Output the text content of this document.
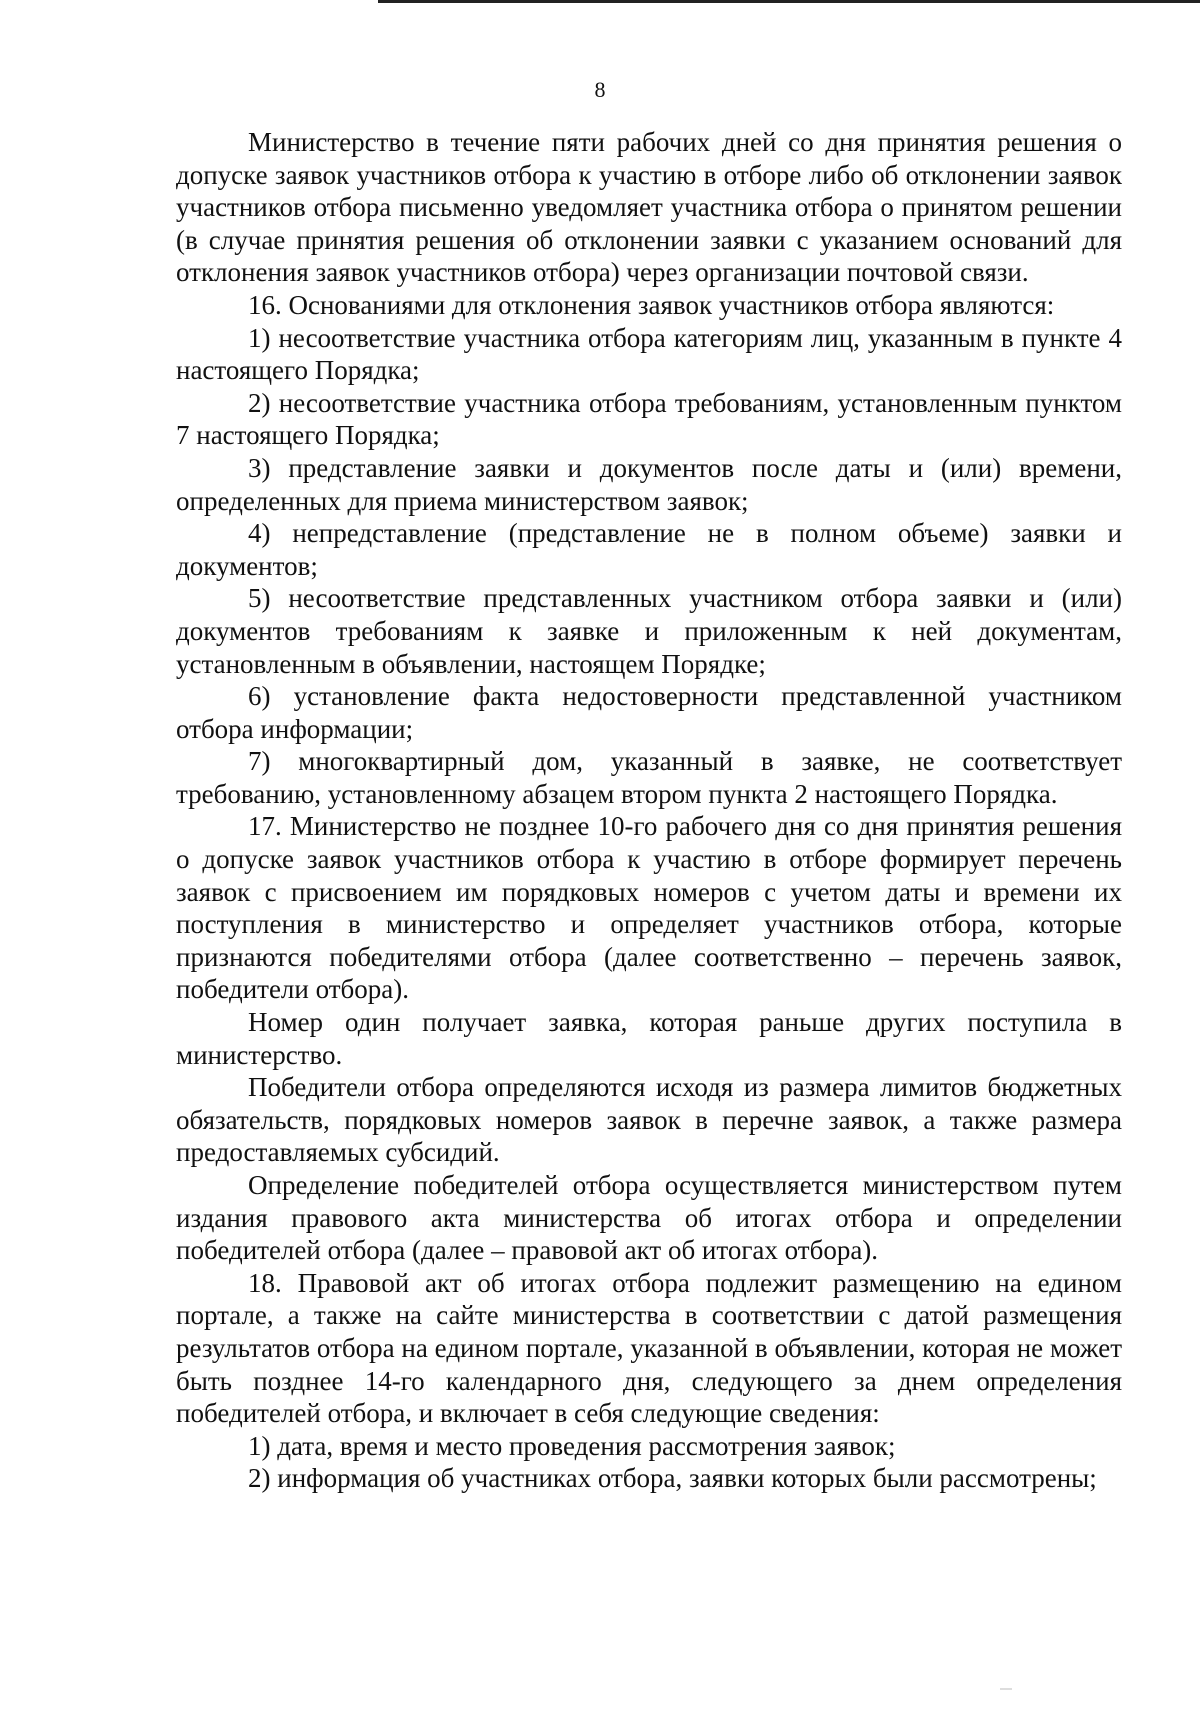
8

Министерство в течение пяти рабочих дней со дня принятия решения о допуске заявок участников отбора к участию в отборе либо об отклонении заявок участников отбора письменно уведомляет участника отбора о принятом решении (в случае принятия решения об отклонении заявки с указанием оснований для отклонения заявок участников отбора) через организации почтовой связи.

16. Основаниями для отклонения заявок участников отбора являются:

1) несоответствие участника отбора категориям лиц, указанным в пункте 4 настоящего Порядка;

2) несоответствие участника отбора требованиям, установленным пунктом 7 настоящего Порядка;

3) представление заявки и документов после даты и (или) времени, определенных для приема министерством заявок;

4) непредставление (представление не в полном объеме) заявки и документов;

5) несоответствие представленных участником отбора заявки и (или) документов требованиям к заявке и приложенным к ней документам, установленным в объявлении, настоящем Порядке;

6) установление факта недостоверности представленной участником отбора информации;

7) многоквартирный дом, указанный в заявке, не соответствует требованию, установленному абзацем втором пункта 2 настоящего Порядка.

17. Министерство не позднее 10-го рабочего дня со дня принятия решения о допуске заявок участников отбора к участию в отборе формирует перечень заявок с присвоением им порядковых номеров с учетом даты и времени их поступления в министерство и определяет участников отбора, которые признаются победителями отбора (далее соответственно – перечень заявок, победители отбора).

Номер один получает заявка, которая раньше других поступила в министерство.

Победители отбора определяются исходя из размера лимитов бюджетных обязательств, порядковых номеров заявок в перечне заявок, а также размера предоставляемых субсидий.

Определение победителей отбора осуществляется министерством путем издания правового акта министерства об итогах отбора и определении победителей отбора (далее – правовой акт об итогах отбора).

18. Правовой акт об итогах отбора подлежит размещению на едином портале, а также на сайте министерства в соответствии с датой размещения результатов отбора на едином портале, указанной в объявлении, которая не может быть позднее 14-го календарного дня, следующего за днем определения победителей отбора, и включает в себя следующие сведения:

1) дата, время и место проведения рассмотрения заявок;

2) информация об участниках отбора, заявки которых были рассмотрены;
